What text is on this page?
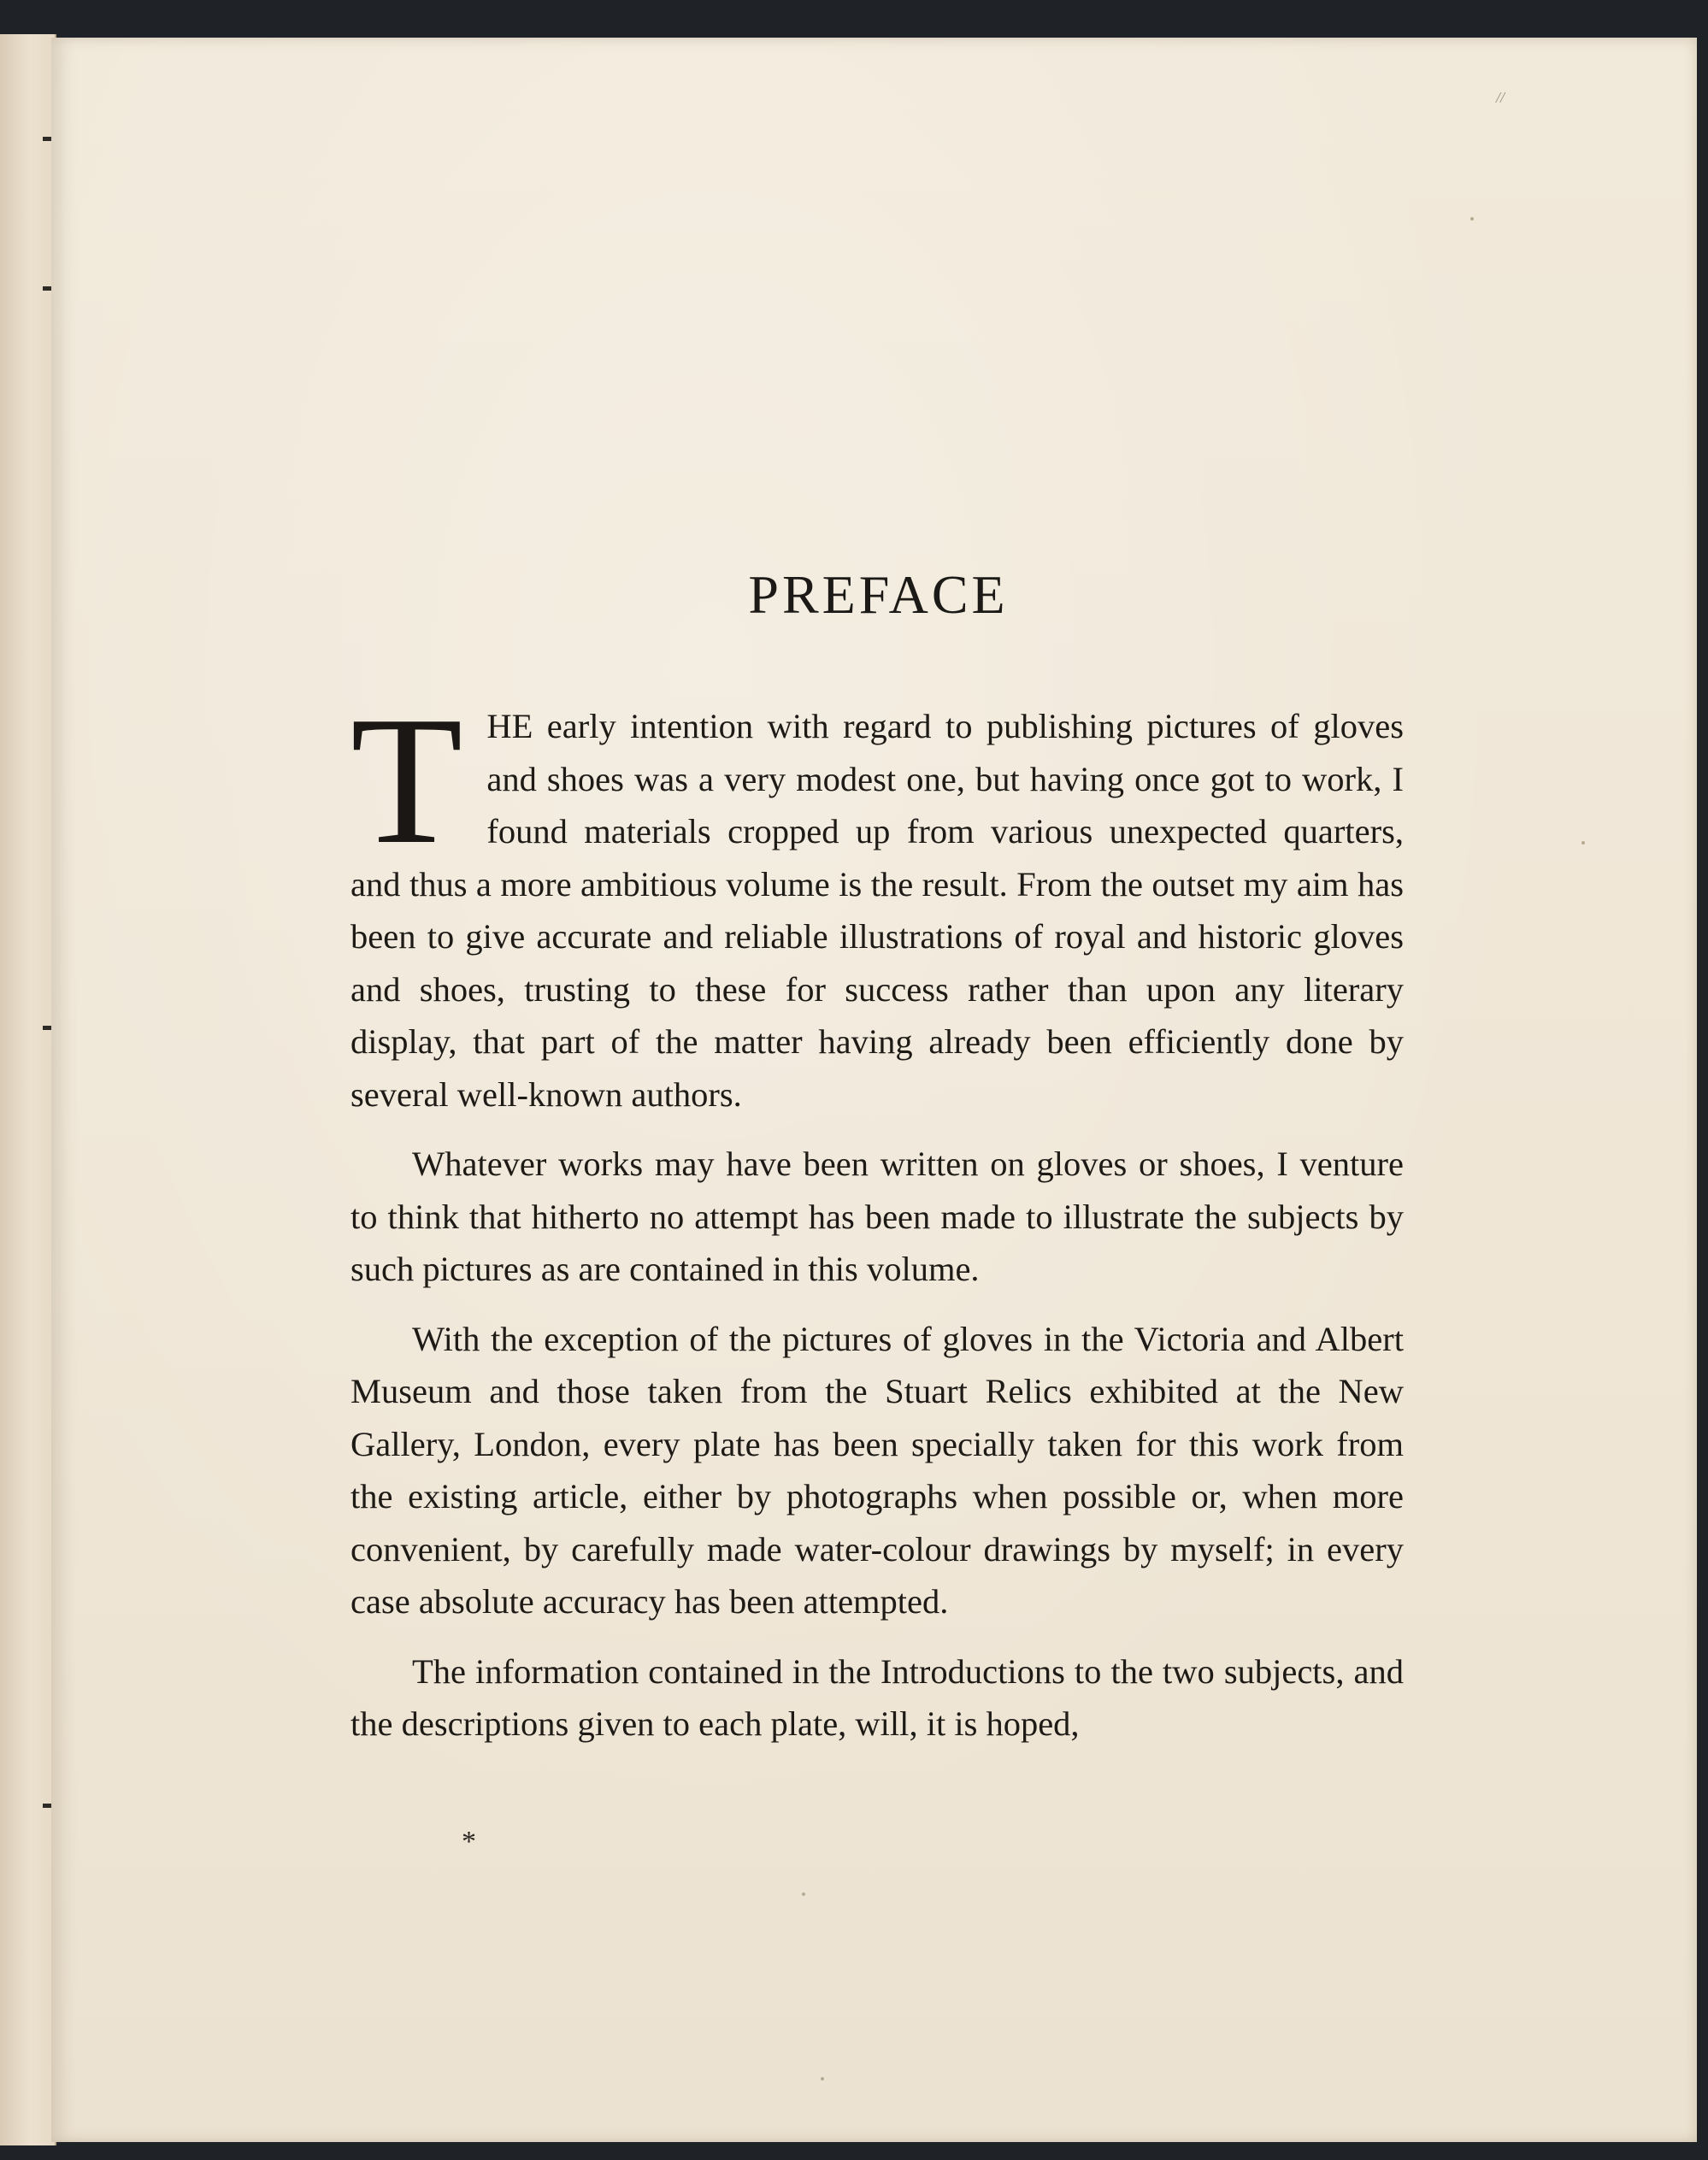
//
PREFACE

THE early intention with regard to publishing pictures of gloves and shoes was a very modest one, but having once got to work, I found materials cropped up from various unexpected quarters, and thus a more ambitious volume is the result. From the outset my aim has been to give accurate and reliable illustrations of royal and historic gloves and shoes, trusting to these for success rather than upon any literary display, that part of the matter having already been efficiently done by several well-known authors.

Whatever works may have been written on gloves or shoes, I venture to think that hitherto no attempt has been made to illustrate the subjects by such pictures as are contained in this volume.

With the exception of the pictures of gloves in the Victoria and Albert Museum and those taken from the Stuart Relics exhibited at the New Gallery, London, every plate has been specially taken for this work from the existing article, either by photographs when possible or, when more convenient, by carefully made water-colour drawings by myself; in every case absolute accuracy has been attempted.

The information contained in the Introductions to the two subjects, and the descriptions given to each plate, will, it is hoped,

*
